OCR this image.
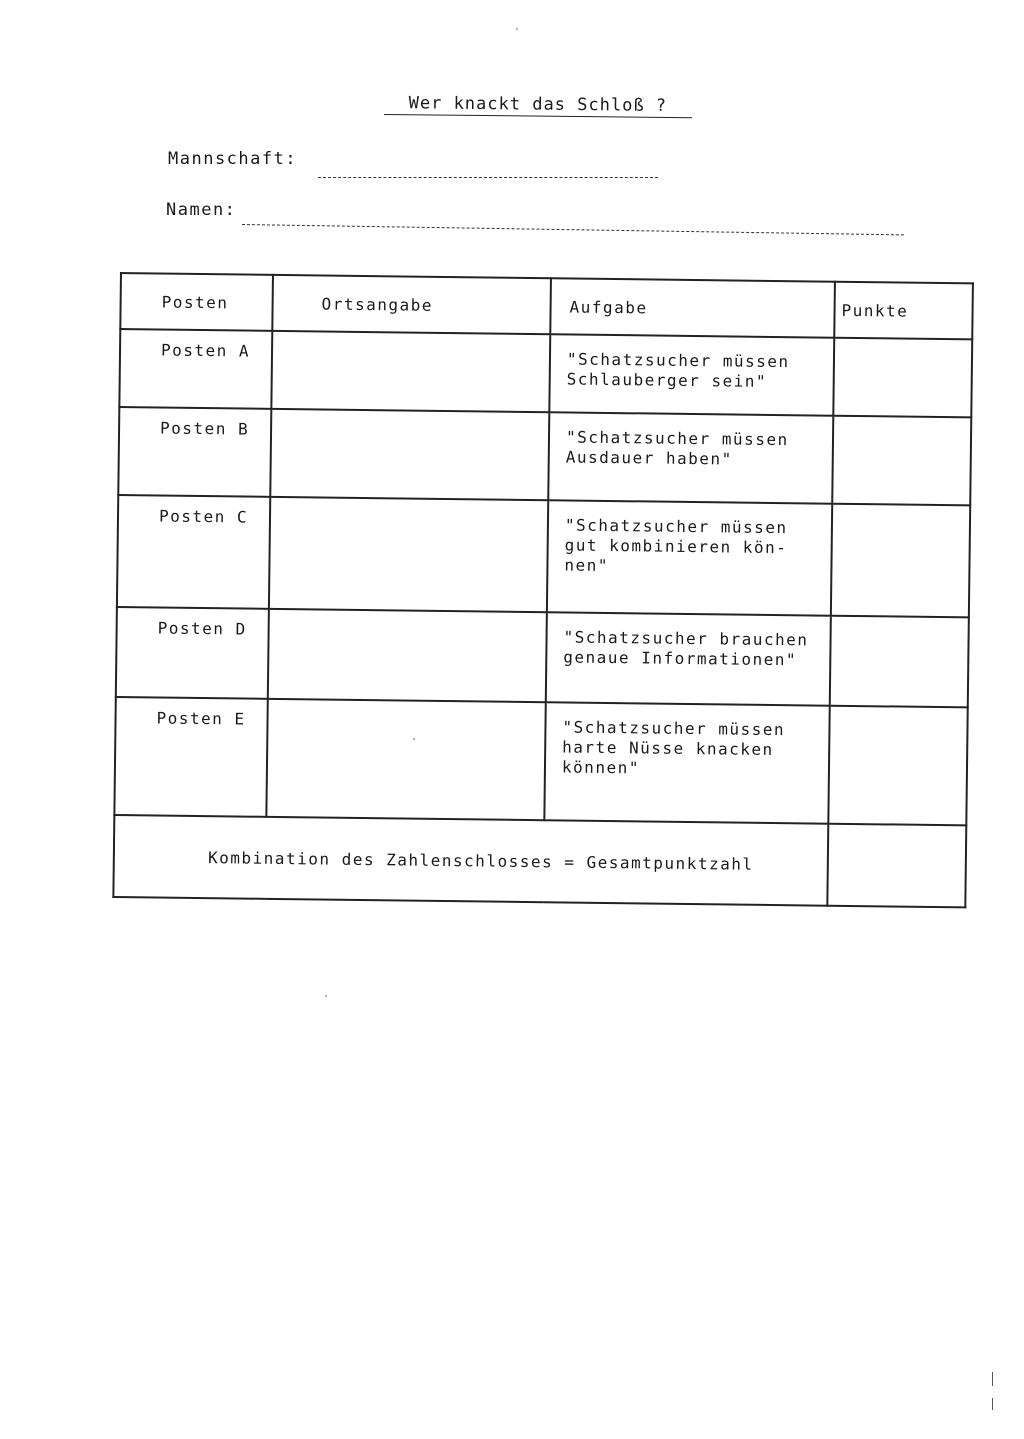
Wer knackt das Schloß ?
Mannschaft:
Namen:
Posten	Ortsangabe	Aufgabe	Punkte
Posten A		"Schatzsucher müssen Schlauberger sein"	
Posten B		"Schatzsucher müssen Ausdauer haben"	
Posten C		"Schatzsucher müssen gut kombinieren kön-nen"	
Posten D		"Schatzsucher brauchen genaue Informationen"	
Posten E		"Schatzsucher müssen harte Nüsse knacken können"	
Kombination des Zahlenschlosses = Gesamtpunktzahl			
